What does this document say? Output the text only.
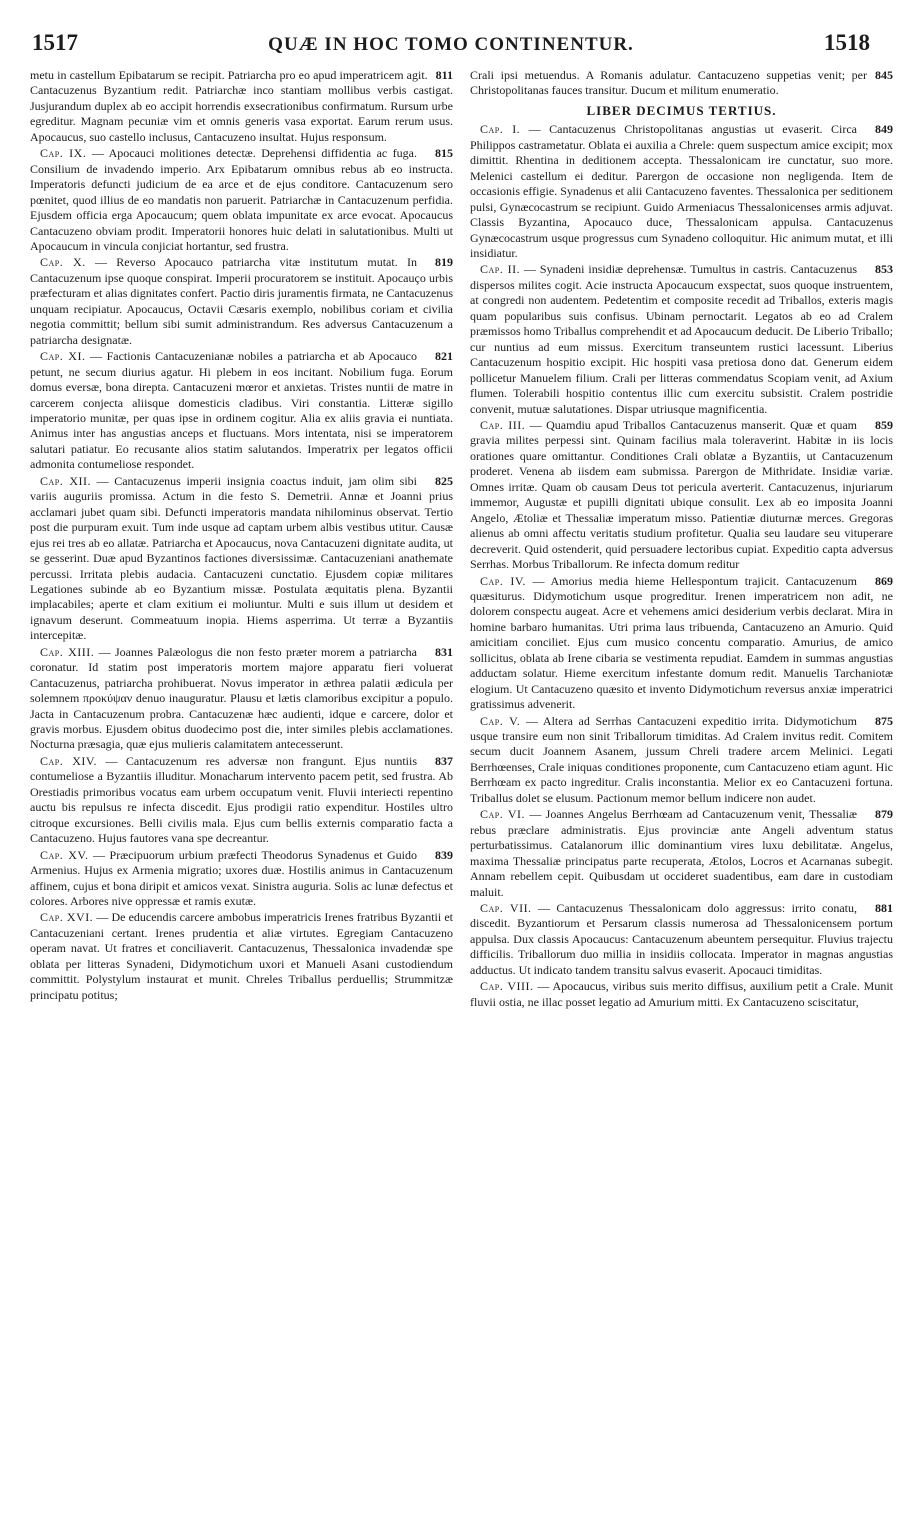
1517	QUÆ IN HOC TOMO CONTINENTUR.	1518

811
metu in castellum Epibatarum se recipit. Patriarcha pro eo apud imperatricem agit. Cantacuzenus Byzantium redit. Patriarchæ inco stantiam mollibus verbis castigat. Jusjurandum duplex ab eo accipit horrendis exsecrationibus confirmatum. Rursum urbe egreditur. Magnam pecuniæ vim et omnis generis vasa exportat. Earum rerum usus. Apocaucus, suo castello inclusus, Cantacuzeno insultat. Hujus responsum.

815
Cap. IX. — Apocauci molitiones detectæ. Deprehensi diffidentia ac fuga. Consilium de invadendo imperio. Arx Epibatarum omnibus rebus ab eo instructa. Imperatoris defuncti judicium de ea arce et de ejus conditore. Cantacuzenum sero pœnitet, quod illius de eo mandatis non paruerit. Patriarchæ in Cantacuzenum perfidia. Ejusdem officia erga Apocaucum; quem oblata impunitate ex arce evocat. Apocaucus Cantacuzeno obviam prodit. Imperatorii honores huic delati in salutationibus. Multi ut Apocaucum in vincula conjiciat hortantur, sed frustra.

819
Cap. X. — Reverso Apocauco patriarcha vitæ institutum mutat. In Cantacuzenum ipse quoque conspirat. Imperii procuratorem se instituit. Apocauço urbis præfecturam et alias dignitates confert. Pactio diris juramentis firmata, ne Cantacuzenus unquam recipiatur. Apocaucus, Octavii Cæsaris exemplo, nobilibus coriam et civilia negotia committit; bellum sibi sumit administrandum. Res adversus Cantacuzenum a patriarcha designatæ.

821
Cap. XI. — Factionis Cantacuzenianæ nobiles a patriarcha et ab Apocauco petunt, ne secum diurius agatur. Hi plebem in eos incitant. Nobilium fuga. Eorum domus eversæ, bona direpta. Cantacuzeni mœror et anxietas. Tristes nuntii de matre in carcerem conjecta aliisque domesticis cladibus. Viri constantia. Litteræ sigillo imperatorio munitæ, per quas ipse in ordinem cogitur. Alia ex aliis gravia ei nuntiata. Animus inter has angustias anceps et fluctuans. Mors intentata, nisi se imperatorem salutari patiatur. Eo recusante alios statim salutandos. Imperatrix per legatos officii admonita contumeliose respondet.

825
Cap. XII. — Cantacuzenus imperii insignia coactus induit, jam olim sibi variis auguriis promissa. Actum in die festo S. Demetrii. Annæ et Joanni prius acclamari jubet quam sibi. Defuncti imperatoris mandata nihilominus observat. Tertio post die purpuram exuit. Tum inde usque ad captam urbem albis vestibus utitur. Causæ ejus rei tres ab eo allatæ. Patriarcha et Apocaucus, nova Cantacuzeni dignitate audita, ut se gesserint. Duæ apud Byzantinos factiones diversissimæ. Cantacuzeniani anathemate percussi. Irritata plebis audacia. Cantacuzeni cunctatio. Ejusdem copiæ militares Legationes subinde ab eo Byzantium missæ. Postulata æquitatis plena. Byzantii implacabiles; aperte et clam exitium ei moliuntur. Multi e suis illum ut desidem et ignavum deserunt. Commeatuum inopia. Hiems asperrima. Ut terræ a Byzantiis intercepitæ.

831
Cap. XIII. — Joannes Palæologus die non festo præter morem a patriarcha coronatur. Id statim post imperatoris mortem majore apparatu fieri voluerat Cantacuzenus, patriarcha prohibuerat. Novus imperator in æthrea palatii ædicula per solemnem προκύψαν denuo inauguratur. Plausu et lætis clamoribus excipitur a populo. Jacta in Cantacuzenum probra. Cantacuzenæ hæc audienti, idque e carcere, dolor et gravis morbus. Ejusdem obitus duodecimo post die, inter similes plebis acclamationes. Nocturna præsagia, quæ ejus mulieris calamitatem antecesserunt.

837
Cap. XIV. — Cantacuzenum res adversæ non frangunt. Ejus nuntiis contumeliose a Byzantiis illuditur. Monacharum intervento pacem petit, sed frustra. Ab Orestiadis primoribus vocatus eam urbem occupatum venit. Fluvii interiecti repentino auctu bis repulsus re infecta discedit. Ejus prodigii ratio expenditur. Hostiles ultro citroque excursiones. Belli civilis mala. Ejus cum bellis externis comparatio facta a Cantacuzeno. Hujus fautores vana spe decreantur.

839
Cap. XV. — Præcipuorum urbium præfecti Theodorus Synadenus et Guido Armenius. Hujus ex Armenia migratio; uxores duæ. Hostilis animus in Cantacuzenum affinem, cujus et bona diripit et amicos vexat. Sinistra auguria. Solis ac lunæ defectus et colores. Arbores nive oppressæ et ramis exutæ.

Cap. XVI. — De educendis carcere ambobus imperatricis Irenes fratribus Byzantii et Cantacuzeniani certant. Irenes prudentia et aliæ virtutes. Egregiam Cantacuzeno operam navat. Ut fratres et conciliaverit. Cantacuzenus, Thessalonica invadendæ spe oblata per litteras Synadeni, Didymotichum uxori et Manueli Asani custodiendum committit. Polystylum instaurat et munit. Chreles Triballus perduellis; Strummitzæ principatu potitus;

845
Crali ipsi metuendus. A Romanis adulatur. Cantacuzeno suppetias venit; per Christopolitanas fauces transitur. Ducum et militum enumeratio.

LIBER DECIMUS TERTIUS.

849
Cap. I. — Cantacuzenus Christopolitanas angustias ut evaserit. Circa Philippos castrametatur. Oblata ei auxilia a Chrele: quem suspectum amice excipit; mox dimittit. Rhentina in deditionem accepta. Thessalonicam ire cunctatur, suo more. Melenici castellum ei deditur. Parergon de occasione non negligenda. Item de occasionis effigie. Synadenus et alii Cantacuzeno faventes. Thessalonica per seditionem pulsi, Gynæcocastrum se recipiunt. Guido Armeniacus Thessalonicenses armis adjuvat. Classis Byzantina, Apocauco duce, Thessalonicam appulsa. Cantacuzenus Gynæcocastrum usque progressus cum Synadeno colloquitur. Hic animum mutat, et illi insidiatur.

853
Cap. II. — Synadeni insidiæ deprehensæ. Tumultus in castris. Cantacuzenus dispersos milites cogit. Acie instructa Apocaucum exspectat, suos quoque instruentem, at congredi non audentem. Pedetentim et composite recedit ad Triballos, exteris magis quam popularibus suis confisus. Ubinam pernoctarit. Legatos ab eo ad Cralem præmissos homo Triballus comprehendit et ad Apocaucum deducit. De Liberio Triballo; cur nuntius ad eum missus. Exercitum transeuntem rustici lacessunt. Liberius Cantacuzenum hospitio excipit. Hic hospiti vasa pretiosa dono dat. Generum eidem pollicetur Manuelem filium. Crali per litteras commendatus Scopiam venit, ad Axium flumen. Tolerabili hospitio contentus illic cum exercitu subsistit. Cralem postridie convenit, mutuæ salutationes. Dispar utriusque magnificentia.

859
Cap. III. — Quamdiu apud Triballos Cantacuzenus manserit. Quæ et quam gravia milites perpessi sint. Quinam facilius mala toleraverint. Habitæ in iis locis orationes quare omittantur. Conditiones Crali oblatæ a Byzantiis, ut Cantacuzenum proderet. Venena ab iisdem eam submissa. Parergon de Mithridate. Insidiæ variæ. Omnes irritæ. Quam ob causam Deus tot pericula averterit. Cantacuzenus, injuriarum immemor, Augustæ et pupilli dignitati ubique consulit. Lex ab eo imposita Joanni Angelo, Ætoliæ et Thessaliæ imperatum misso. Patientiæ diuturnæ merces. Gregoras alienus ab omni affectu veritatis studium profitetur. Qualia seu laudare seu vituperare decreverit. Quid ostenderit, quid persuadere lectoribus cupiat. Expeditio capta adversus Serrhas. Morbus Triballorum. Re infecta domum reditur

869
Cap. IV. — Amorius media hieme Hellespontum trajicit. Cantacuzenum quæsiturus. Didymotichum usque progreditur. Irenen imperatricem non adit, ne dolorem conspectu augeat. Acre et vehemens amici desiderium verbis declarat. Mira in homine barbaro humanitas. Utri prima laus tribuenda, Cantacuzeno an Amurio. Quid amicitiam conciliet. Ejus cum musico concentu comparatio. Amurius, de amico sollicitus, oblata ab Irene cibaria se vestimenta repudiat. Eamdem in summas angustias adductam solatur. Hieme exercitum infestante domum redit. Manuelis Tarchaniotæ elogium. Ut Cantacuzeno quæsito et invento Didymotichum reversus anxiæ imperatrici gratissimus advenerit.

875
Cap. V. — Altera ad Serrhas Cantacuzeni expeditio irrita. Didymotichum usque transire eum non sinit Triballorum timiditas. Ad Cralem invitus redit. Comitem secum ducit Joannem Asanem, jussum Chreli tradere arcem Melinici. Legati Berrhœenses, Crale iniquas conditiones proponente, cum Cantacuzeno etiam agunt. Hic Berrhœam ex pacto ingreditur. Cralis inconstantia. Melior ex eo Cantacuzeni fortuna. Triballus dolet se elusum. Pactionum memor bellum indicere non audet.

879
Cap. VI. — Joannes Angelus Berrhœam ad Cantacuzenum venit, Thessaliæ rebus præclare administratis. Ejus provinciæ ante Angeli adventum status perturbatissimus. Catalanorum illic dominantium vires luxu debilitatæ. Angelus, maxima Thessaliæ principatus parte recuperata, Ætolos, Locros et Acarnanas subegit. Annam rebellem cepit. Quibusdam ut occideret suadentibus, eam dare in custodiam maluit.

881
Cap. VII. — Cantacuzenus Thessalonicam dolo aggressus: irrito conatu, discedit. Byzantiorum et Persarum classis numerosa ad Thessalonicensem portum appulsa. Dux classis Apocaucus: Cantacuzenum abeuntem persequitur. Fluvius trajectu difficilis. Triballorum duo millia in insidiis collocata. Imperator in magnas angustias adductus. Ut indicato tandem transitu salvus evaserit. Apocauci timiditas.

Cap. VIII. — Apocaucus, viribus suis merito diffisus, auxilium petit a Crale. Munit fluvii ostia, ne illac posset legatio ad Amurium mitti. Ex Cantacuzeno sciscitatur,
